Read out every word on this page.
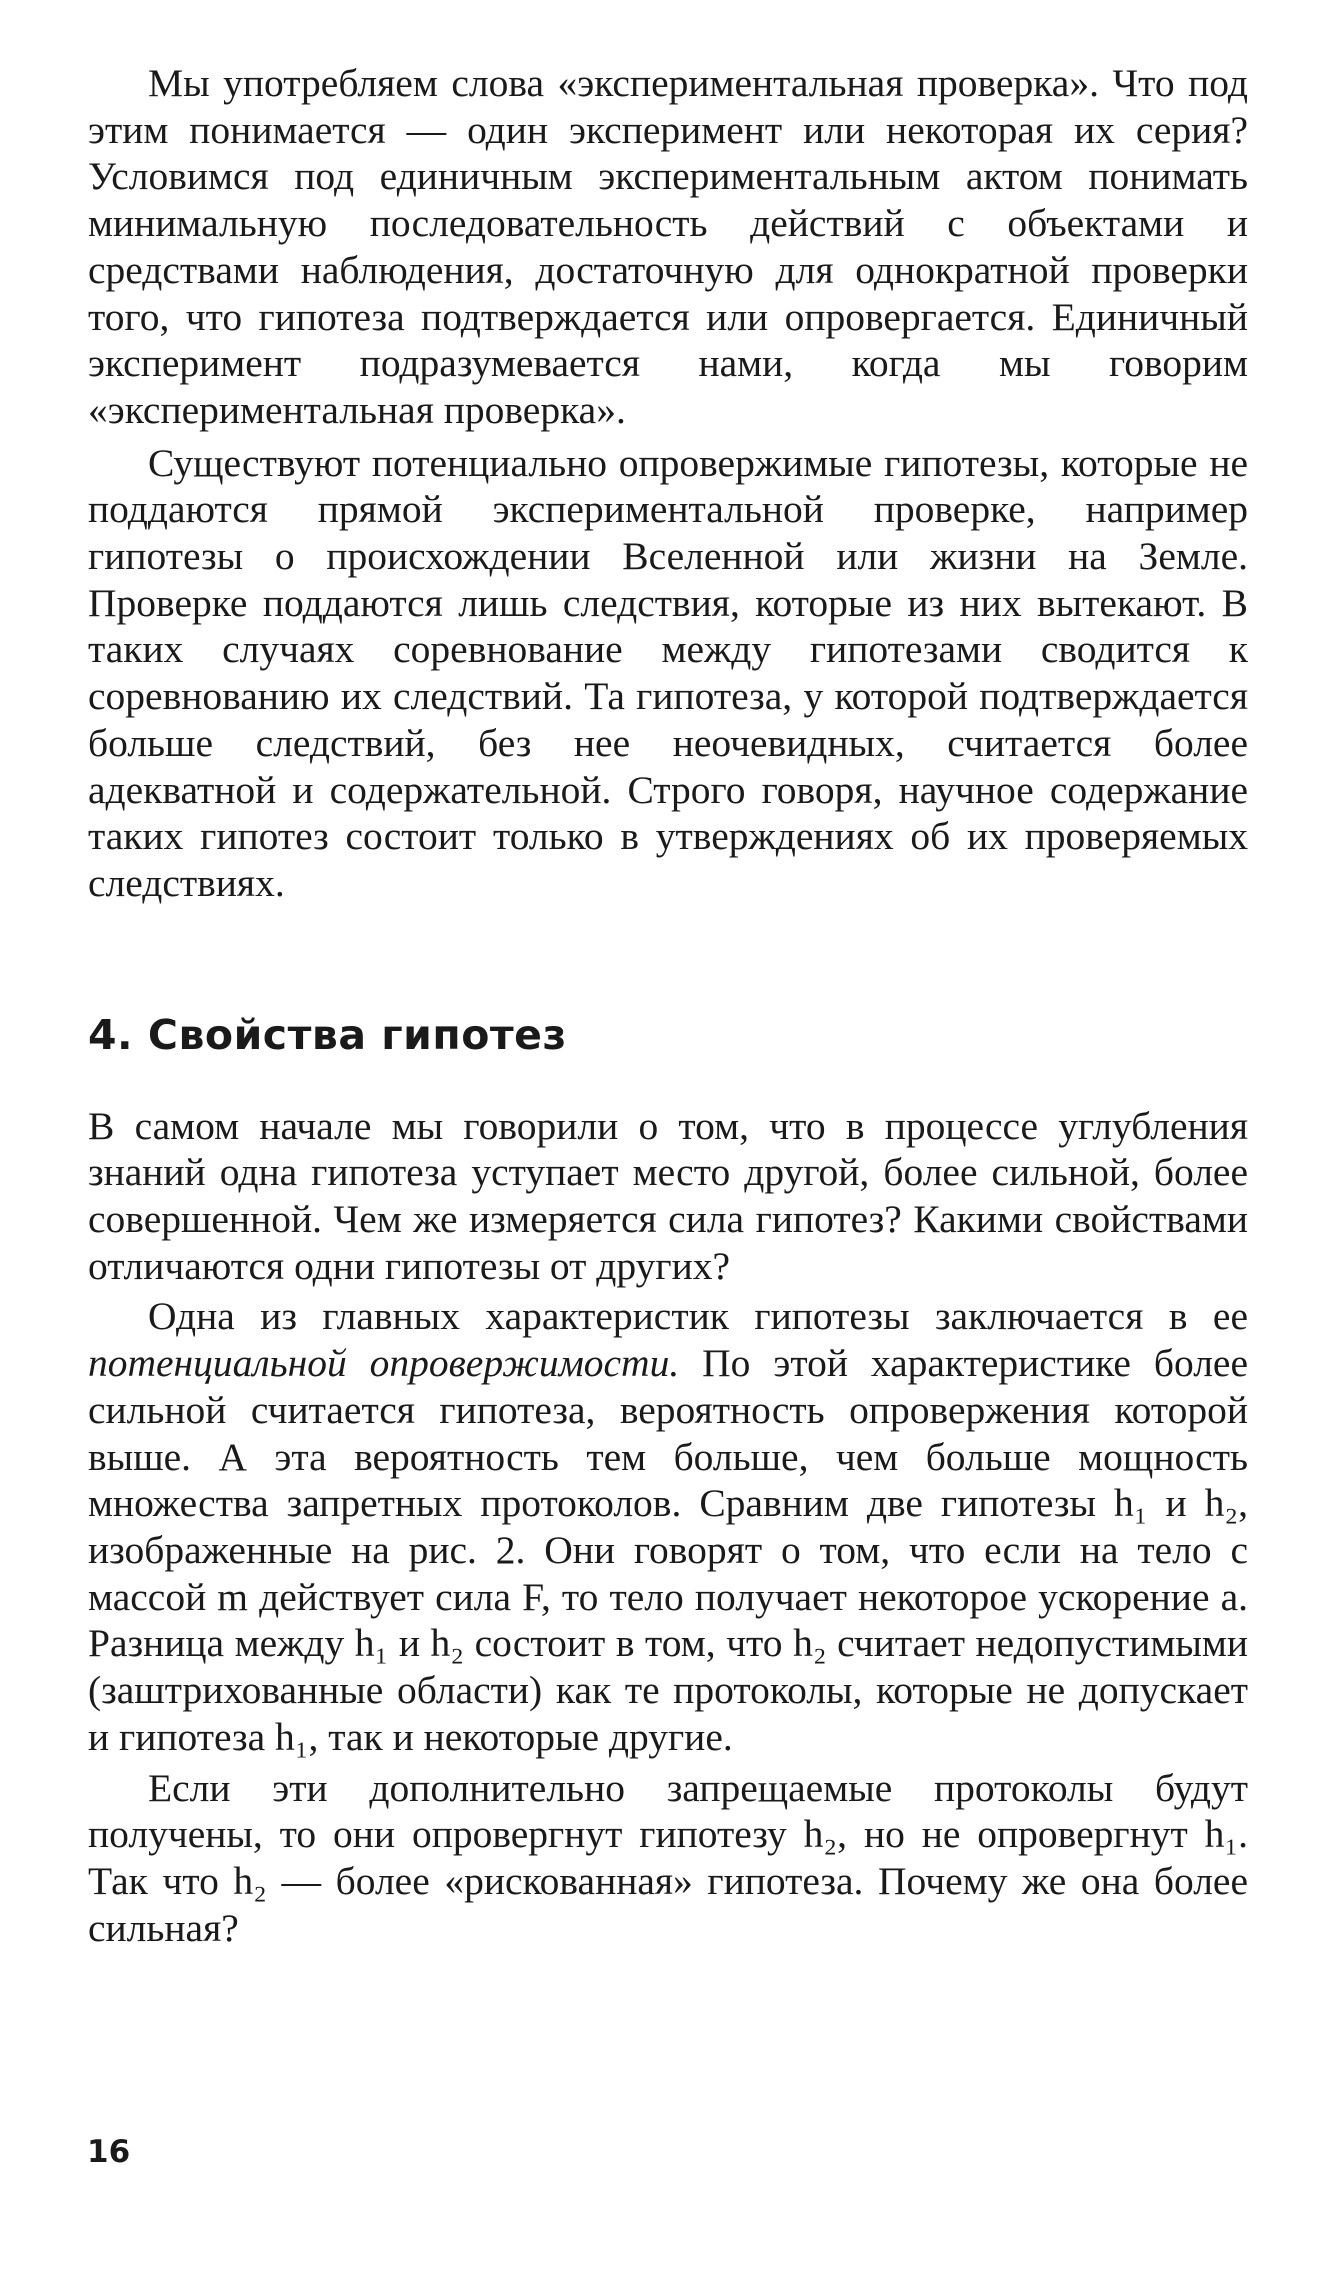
Мы употребляем слова «экспериментальная проверка». Что под этим понимается — один эксперимент или некоторая их серия? Условимся под единичным экспериментальным актом понимать минимальную последовательность действий с объектами и средствами наблюдения, достаточную для однократной проверки того, что гипотеза подтверждается или опровергается. Единичный эксперимент подразумевается нами, когда мы говорим «экспериментальная проверка».

Существуют потенциально опровержимые гипотезы, которые не поддаются прямой экспериментальной проверке, например гипотезы о происхождении Вселенной или жизни на Земле. Проверке поддаются лишь следствия, которые из них вытекают. В таких случаях соревнование между гипотезами сводится к соревнованию их следствий. Та гипотеза, у которой подтверждается больше следствий, без нее неочевидных, считается более адекватной и содержательной. Строго говоря, научное содержание таких гипотез состоит только в утверждениях об их проверяемых следствиях.

4. Свойства гипотез

В самом начале мы говорили о том, что в процессе углубления знаний одна гипотеза уступает место другой, более сильной, более совершенной. Чем же измеряется сила гипотез? Какими свойствами отличаются одни гипотезы от других?

Одна из главных характеристик гипотезы заключается в ее потенциальной опровержимости. По этой характеристике более сильной считается гипотеза, вероятность опровержения которой выше. А эта вероятность тем больше, чем больше мощность множества запретных протоколов. Сравним две гипотезы h₁ и h₂, изображенные на рис. 2. Они говорят о том, что если на тело с массой m действует сила F, то тело получает некоторое ускорение a. Разница между h₁ и h₂ состоит в том, что h₂ считает недопустимыми (заштрихованные области) как те протоколы, которые не допускает и гипотеза h₁, так и некоторые другие.

Если эти дополнительно запрещаемые протоколы будут получены, то они опровергнут гипотезу h₂, но не опровергнут h₁. Так что h₂ — более «рискованная» гипотеза. Почему же она более сильная?

16
